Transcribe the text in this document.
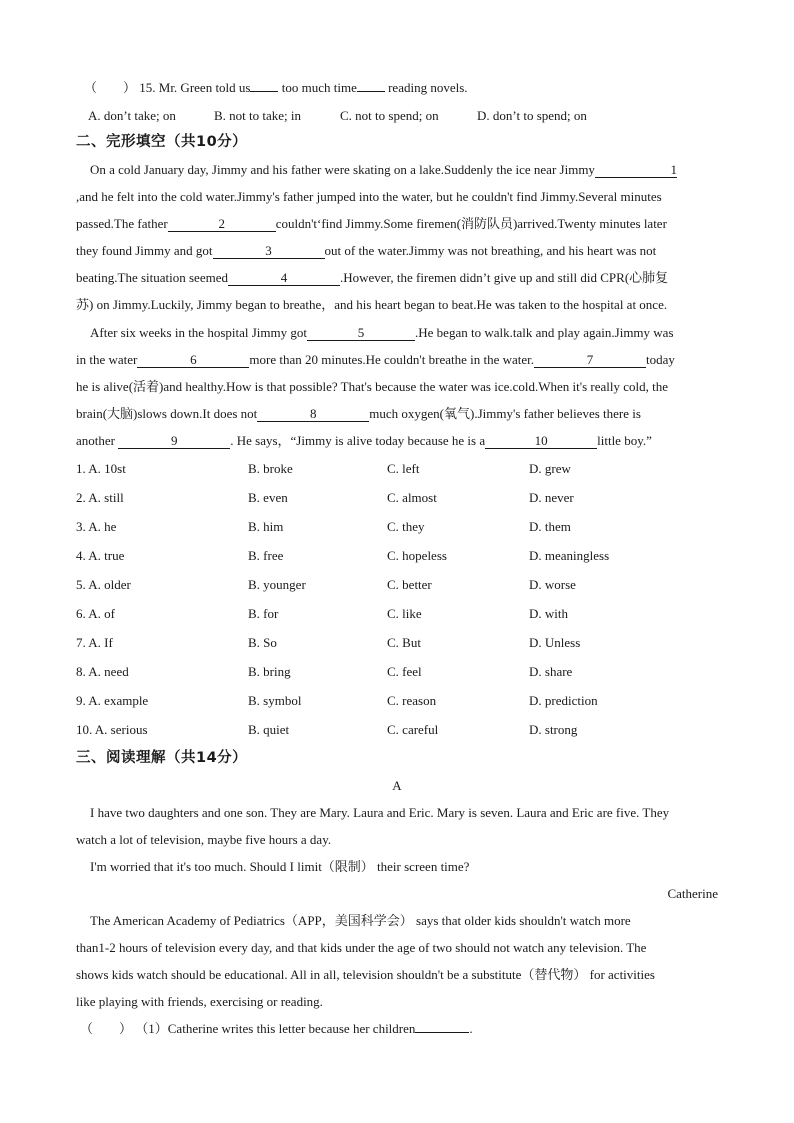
（　　） 15. Mr. Green told us too much time reading novels.
A. don’t take; on	B. not to take; in	C. not to spend; on	D. don’t to spend; on
二、完形填空（共10分）
On a cold January day, Jimmy and his father were skating on a lake.Suddenly the ice near Jimmy	1
,and he felt into the cold water.Jimmy's father jumped into the water, but he couldn't find Jimmy.Several minutes
passed.The father	2	couldn't‘find Jimmy.Some firemen(消防队员)arrived.Twenty minutes later
they found Jimmy and got	3	out of the water.Jimmy was not breathing, and his heart was not
beating.The situation seemed	4	.However, the firemen didn’t give up and still did CPR(心肺复
苏) on Jimmy.Luckily, Jimmy began to breathe，and his heart began to beat.He was taken to the hospital at once.
After six weeks in the hospital Jimmy got	5	.He began to walk.talk and play again.Jimmy was
in the water	6	more than 20 minutes.He couldn't breathe in the water.	7	today
he is alive(活着)and healthy.How is that possible? That's because the water was ice.cold.When it's really cold, the
brain(大脑)slows down.It does not	8	much oxygen(氧气).Jimmy's father believes there is
another	9	. He says，“Jimmy is alive today because he is a	10	little boy.”
1. A. 10st	B. broke	C. left	D. grew
2. A. still	B. even	C. almost	D. never
3. A. he	B. him	C. they	D. them
4. A. true	B. free	C. hopeless	D. meaningless
5. A. older	B. younger	C. better	D. worse
6. A. of	B. for	C. like	D. with
7. A. If	B. So	C. But	D. Unless
8. A. need	B. bring	C. feel	D. share
9. A. example	B. symbol	C. reason	D. prediction
10. A. serious	B. quiet	C. careful	D. strong
三、阅读理解（共14分）
A
I have two daughters and one son. They are Mary. Laura and Eric. Mary is seven. Laura and Eric are five. They
watch a lot of television, maybe five hours a day.
I'm worried that it's too much. Should I limit（限制） their screen time?
Catherine
The American Academy of Pediatrics（APP，美国科学会） says that older kids shouldn't watch more
than1-2 hours of television every day, and that kids under the age of two should not watch any television. The
shows kids watch should be educational. All in all, television shouldn't be a substitute（替代物） for activities
like playing with friends, exercising or reading.
（　　） （1）Catherine writes this letter because her children	.
